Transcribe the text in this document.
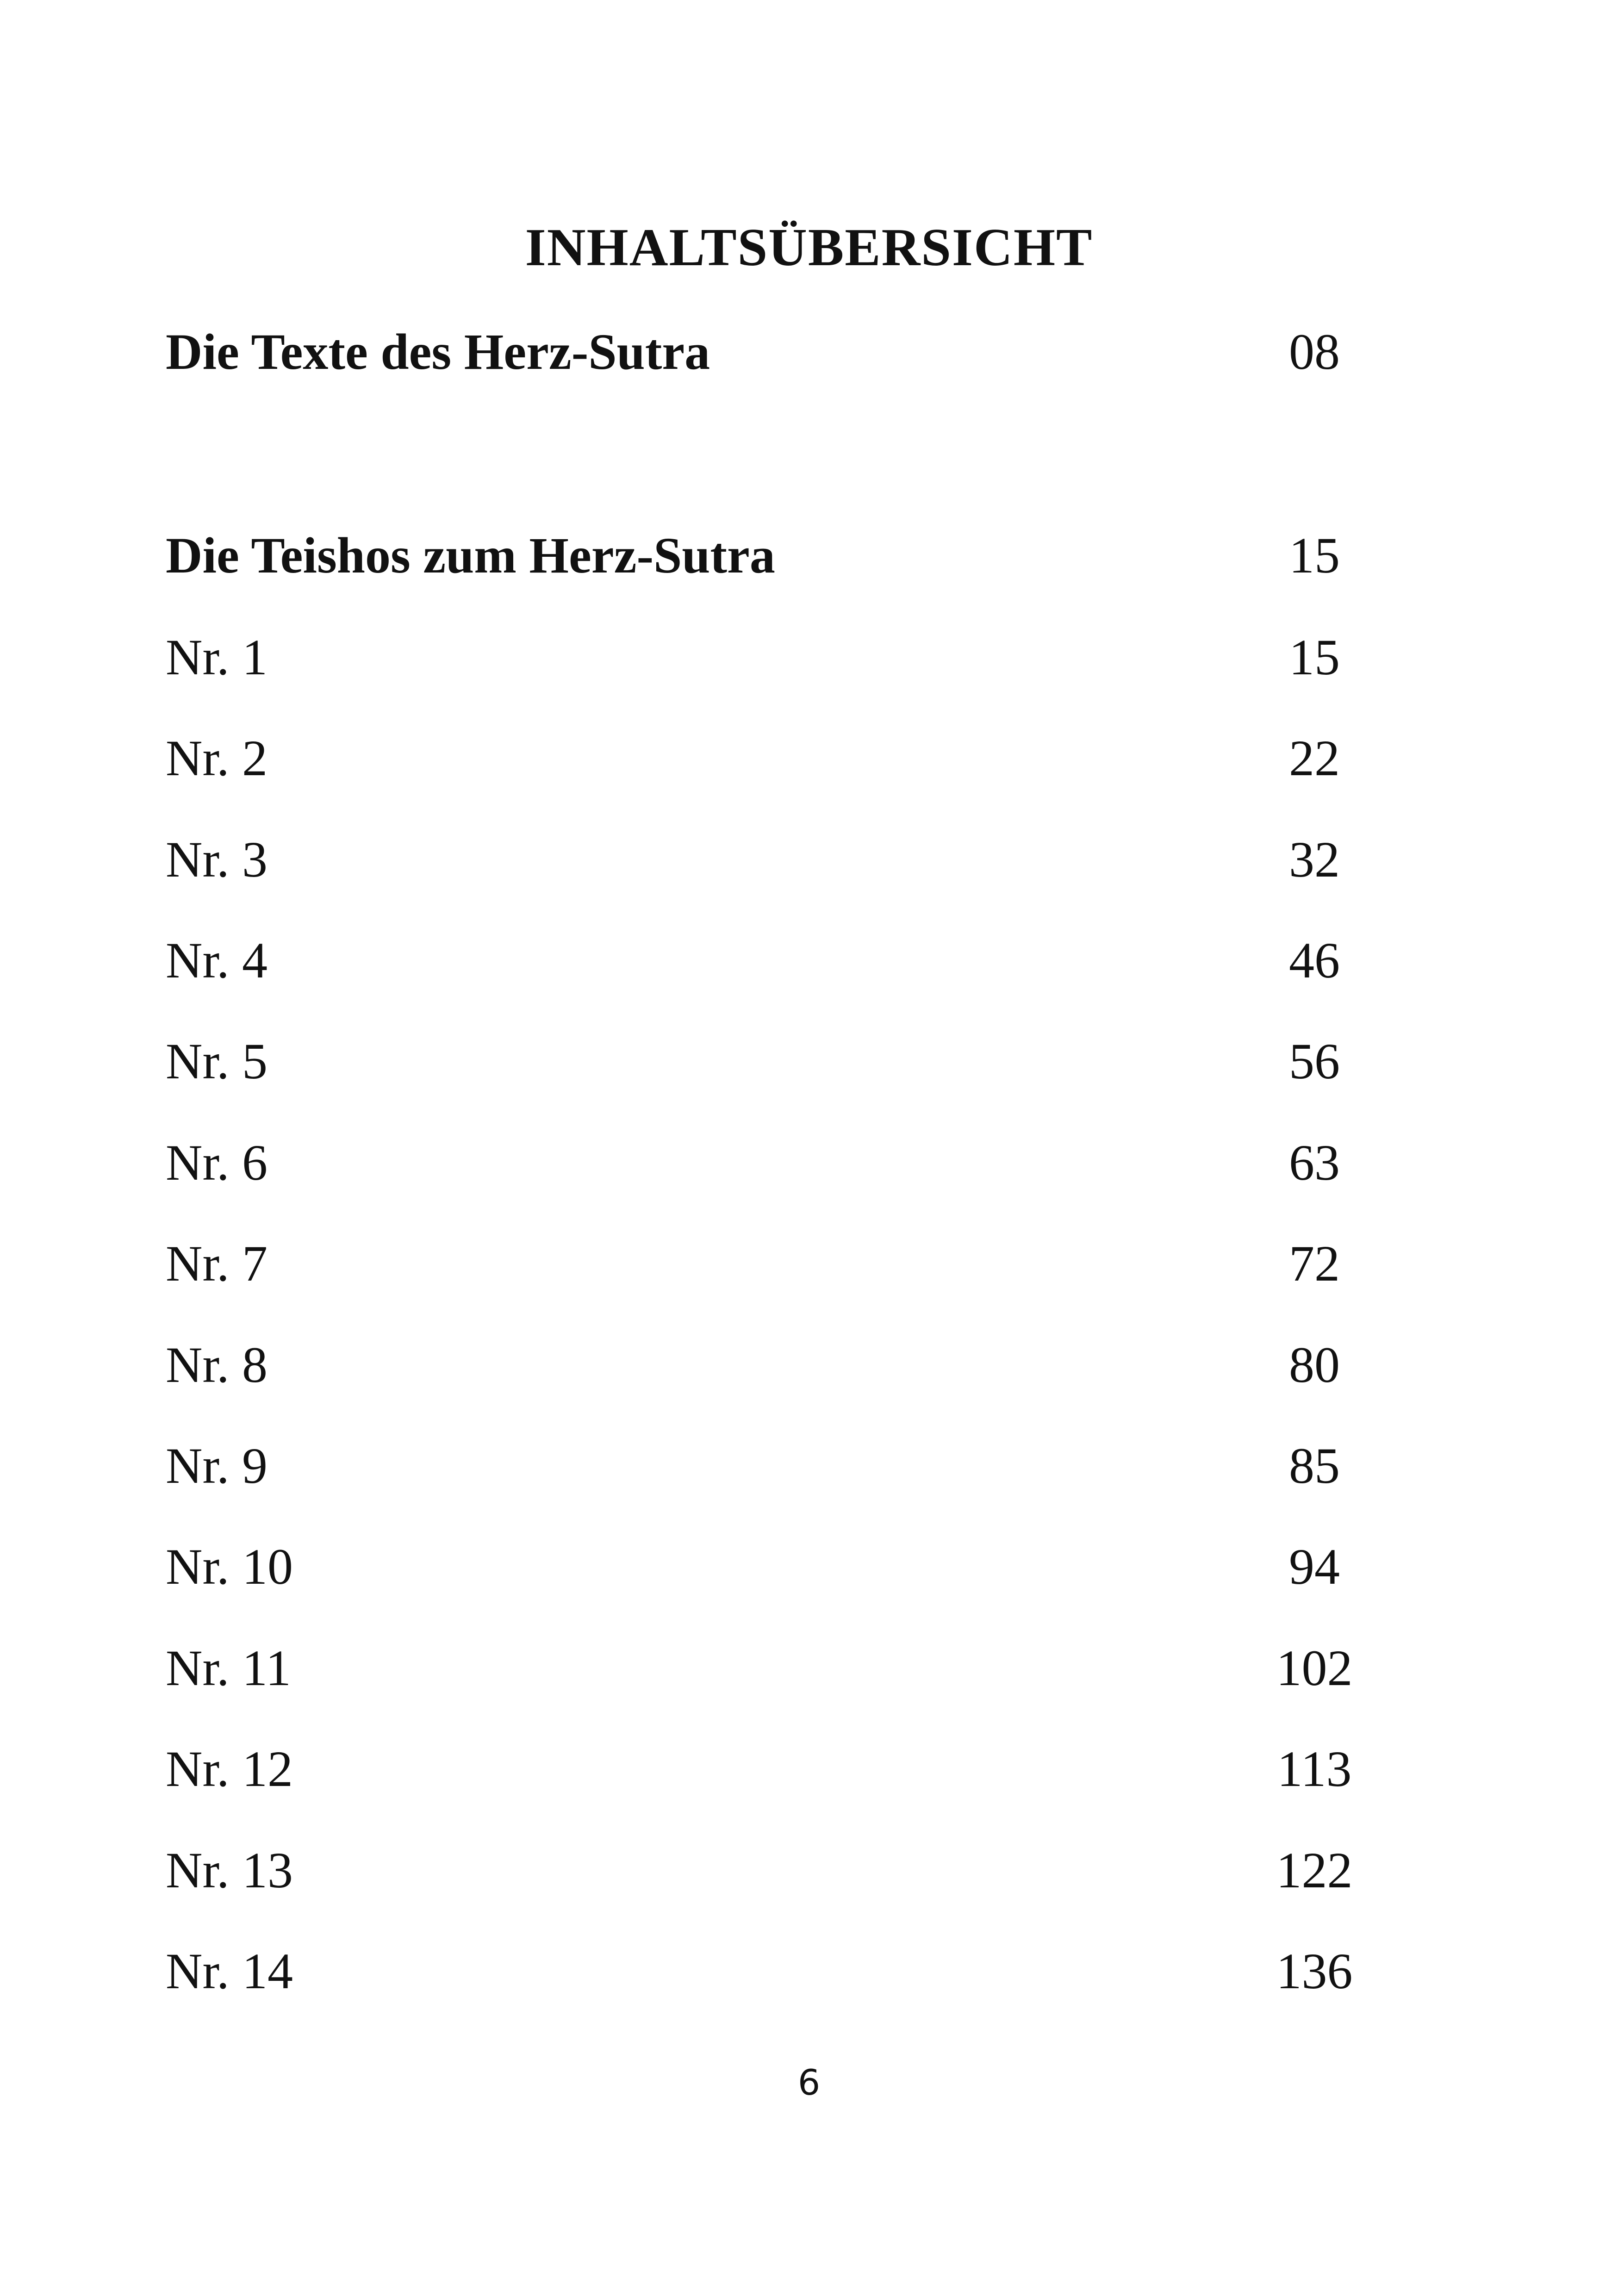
INHALTSÜBERSICHT
Die Texte des Herz-Sutra	08
Die Teishos zum Herz-Sutra	15
Nr. 1	15
Nr. 2	22
Nr. 3	32
Nr. 4	46
Nr. 5	56
Nr. 6	63
Nr. 7	72
Nr. 8	80
Nr. 9	85
Nr. 10	94
Nr. 11	102
Nr. 12	113
Nr. 13	122
Nr. 14	136
6
